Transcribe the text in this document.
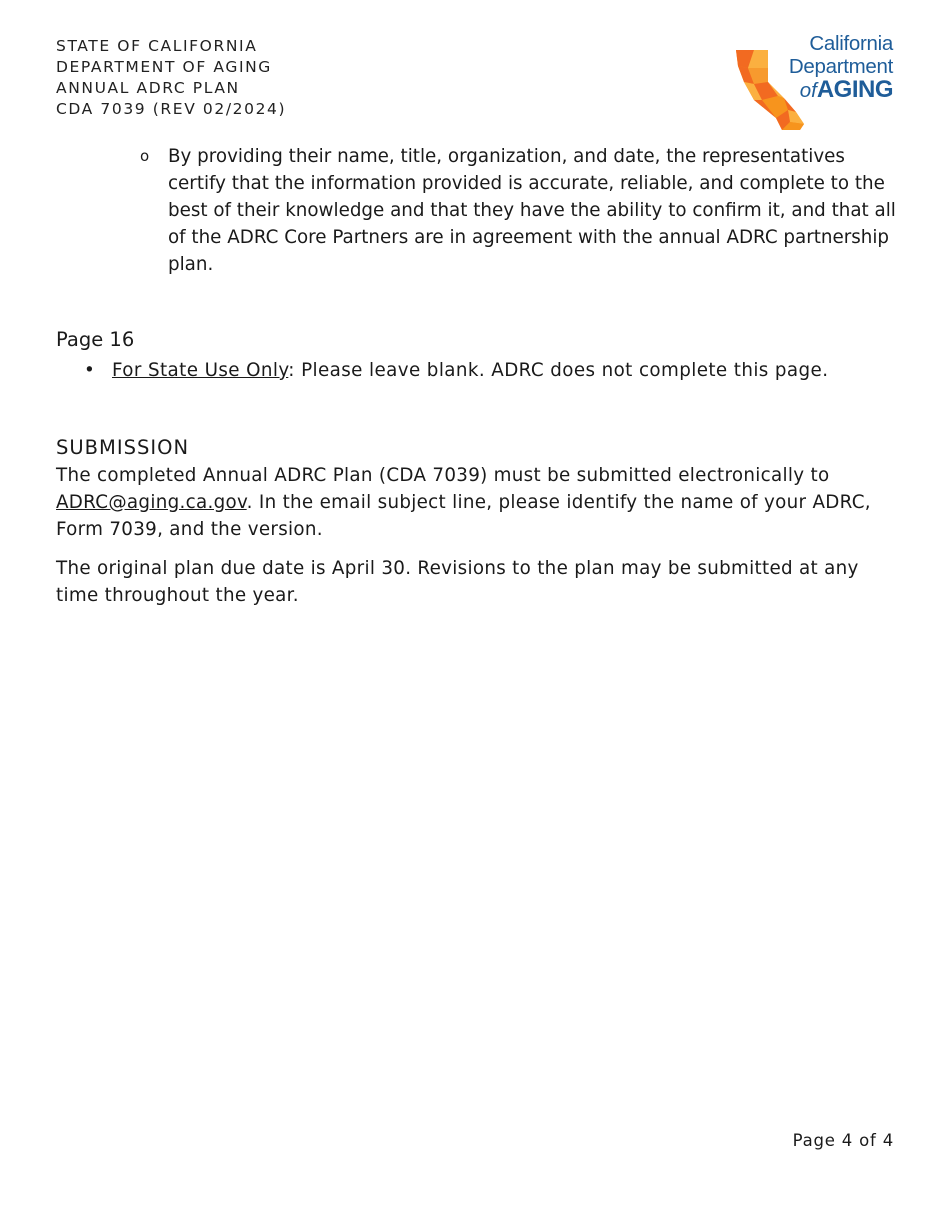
STATE OF CALIFORNIA
DEPARTMENT OF AGING
ANNUAL ADRC PLAN
CDA 7039 (REV 02/2024)
California
Department
ofAGING
o By providing their name, title, organization, and date, the representatives certify that the information provided is accurate, reliable, and complete to the best of their knowledge and that they have the ability to confirm it, and that all of the ADRC Core Partners are in agreement with the annual ADRC partnership plan.
Page 16
• For State Use Only: Please leave blank. ADRC does not complete this page.
SUBMISSION

The completed Annual ADRC Plan (CDA 7039) must be submitted electronically to ADRC@aging.ca.gov. In the email subject line, please identify the name of your ADRC, Form 7039, and the version.

The original plan due date is April 30. Revisions to the plan may be submitted at any time throughout the year.

Page 4 of 4
